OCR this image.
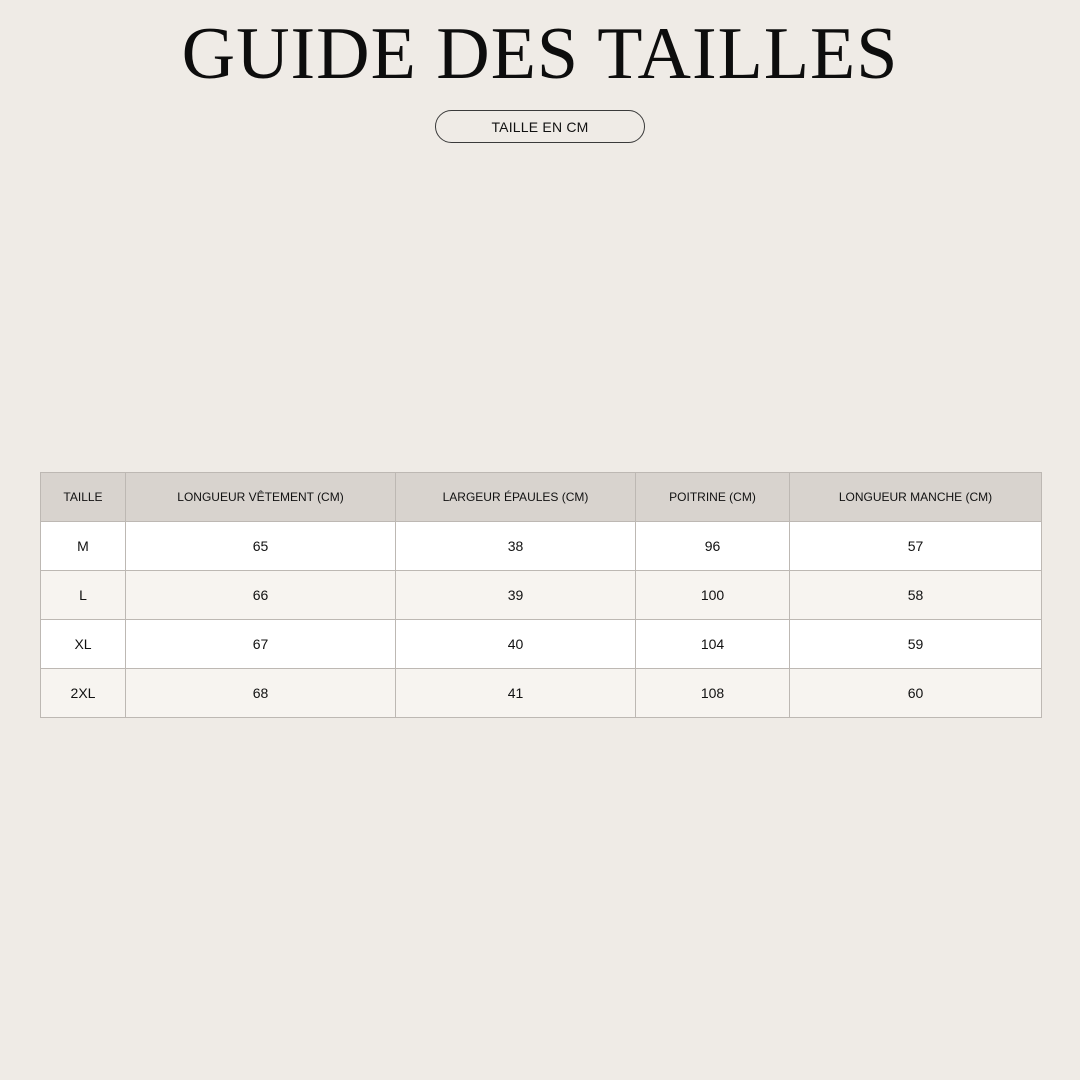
GUIDE DES TAILLES
TAILLE EN CM
TAILLE	LONGUEUR VÊTEMENT (CM)	LARGEUR ÉPAULES (CM)	POITRINE (CM)	LONGUEUR MANCHE (CM)
M	65	38	96	57
L	66	39	100	58
XL	67	40	104	59
2XL	68	41	108	60
